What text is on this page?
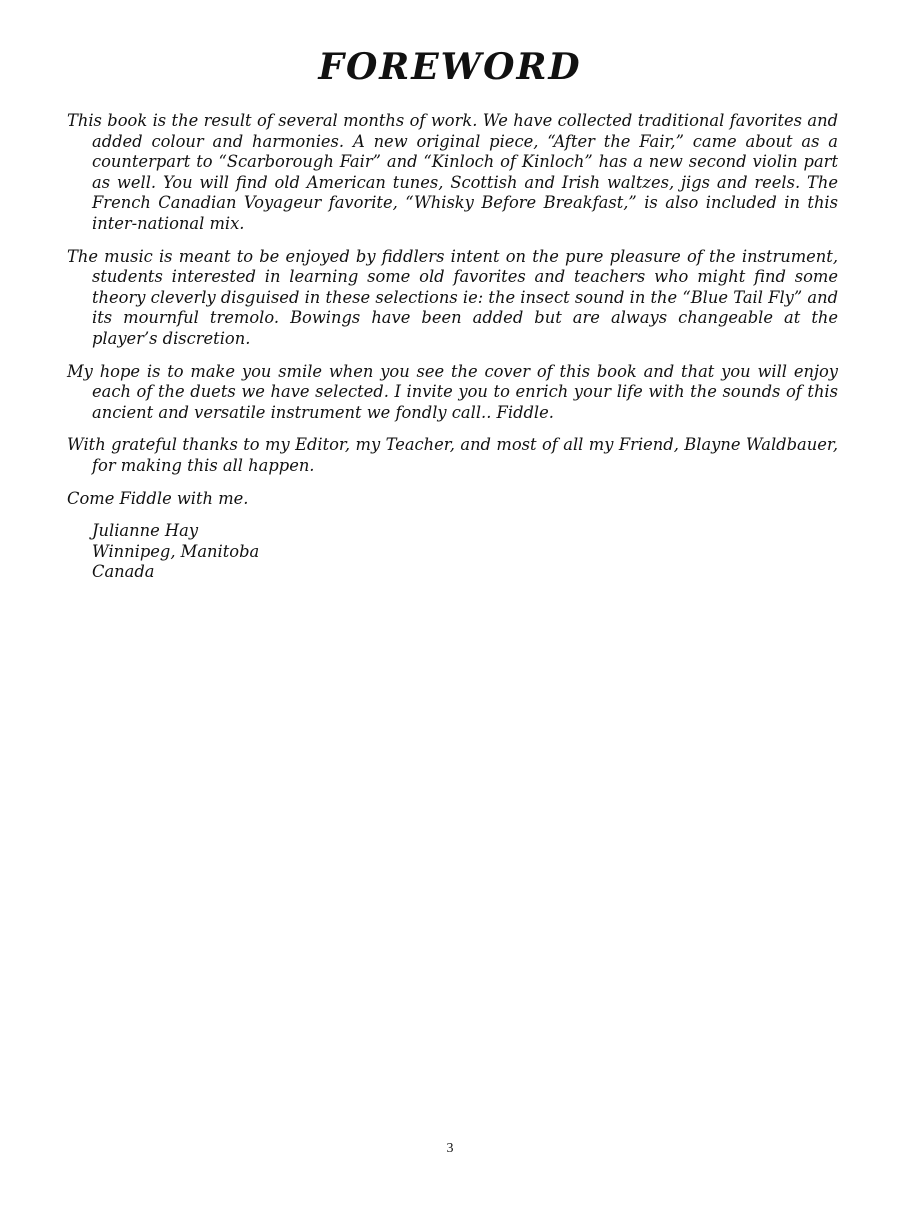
FOREWORD

This book is the result of several months of work. We have collected traditional favorites and added colour and harmonies. A new original piece, “After the Fair,” came about as a counterpart to “Scarborough Fair” and “Kinloch of Kinloch” has a new second violin part as well. You will find old American tunes, Scottish and Irish waltzes, jigs and reels. The French Canadian Voyageur favorite, “Whisky Before Breakfast,” is also included in this inter-national mix.

The music is meant to be enjoyed by fiddlers intent on the pure pleasure of the instrument, students interested in learning some old favorites and teachers who might find some theory cleverly disguised in these selections ie: the insect sound in the “Blue Tail Fly” and its mournful tremolo. Bowings have been added but are always changeable at the player’s discretion.

My hope is to make you smile when you see the cover of this book and that you will enjoy each of the duets we have selected. I invite you to enrich your life with the sounds of this ancient and versatile instrument we fondly call.. Fiddle.

With grateful thanks to my Editor, my Teacher, and most of all my Friend, Blayne Waldbauer, for making this all happen.

Come Fiddle with me.

Julianne Hay
Winnipeg, Manitoba
Canada
3
